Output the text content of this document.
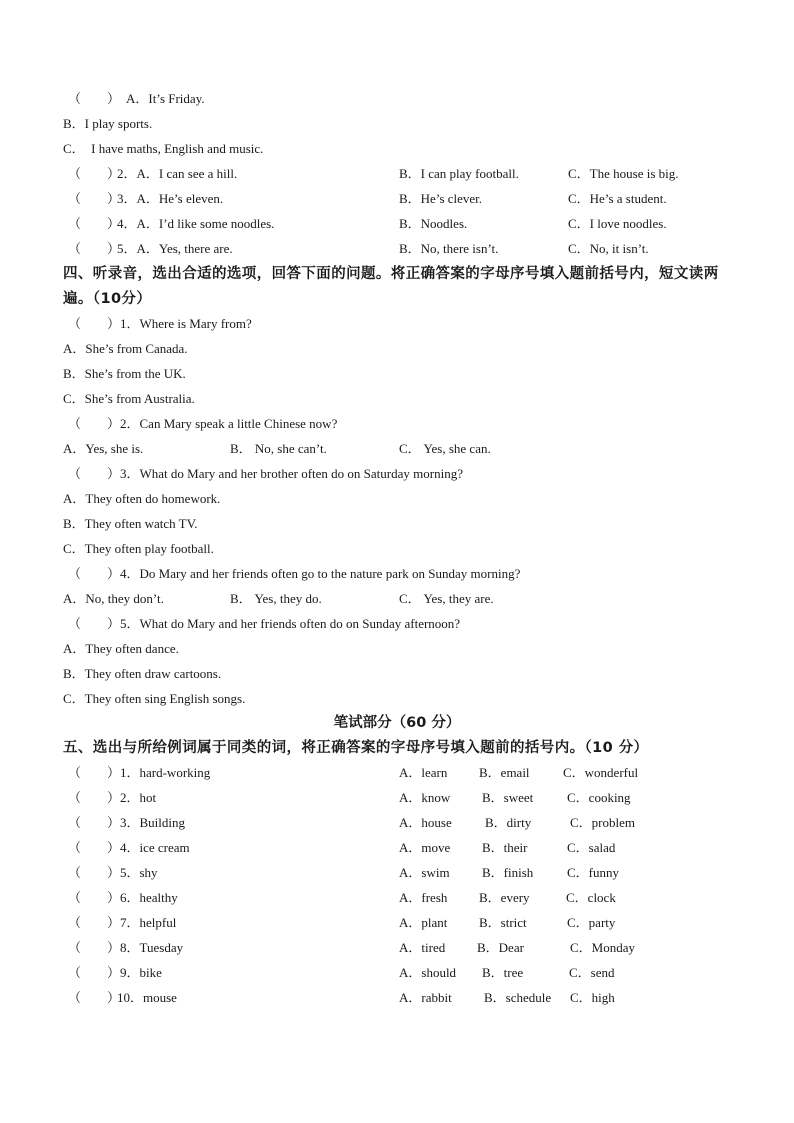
（　　） A．It’s Friday.
B．I play sports.
C．　I have maths, English and music.
（　　）
2．A．I can see a hill.	B．I can play football.	C．The house is big.
（　　）
3．A．He’s eleven.	B．He’s clever.	C．He’s a student.
（　　）
4．A．I’d like some noodles.	B．Noodles.	C．I love noodles.
（　　）
5．A．Yes, there are.	B．No, there isn’t.	C．No, it isn’t.
四、听录音，选出合适的选项，回答下面的问题。将正确答案的字母序号填入题前括号内，短文读两遍。（10分）
（　　） 1．Where is Mary from?
A．She’s from Canada.
B．She’s from the UK.
C．She’s from Australia.
（　　） 2．Can Mary speak a little Chinese now?
A．Yes, she is.	B． No, she can’t.	C． Yes, she can.
（　　） 3．What do Mary and her brother often do on Saturday morning?
A．They often do homework.
B．They often watch TV.
C．They often play football.
（　　） 4．Do Mary and her friends often go to the nature park on Sunday morning?
A．No, they don’t.	B． Yes, they do.	C． Yes, they are.
（　　） 5．What do Mary and her friends often do on Sunday afternoon?
A．They often dance.
B．They often draw cartoons.
C．They often sing English songs.
笔试部分（60 分）
五、选出与所给例词属于同类的词，将正确答案的字母序号填入题前的括号内。（10 分）
（　　） 1．hard-working	A．learn B．email	C．wonderful
（　　） 2．hot	A．know B．sweet	C．cooking
（　　） 3．Building	A．house	B．dirty	C．problem
（　　） 4．ice cream	A．move B．their	C．salad
（　　） 5．shy	A．swim B．finish	C．funny
（　　） 6．healthy	A．fresh B．every	C．clock
（　　） 7．helpful	A．plant B．strict	C．party
（　　） 8．Tuesday	A．tired B．Dear	C．Monday
（　　） 9．bike	A．should B．tree	C．send
（　　）
10．mouse	A．rabbit B．schedule C．high
